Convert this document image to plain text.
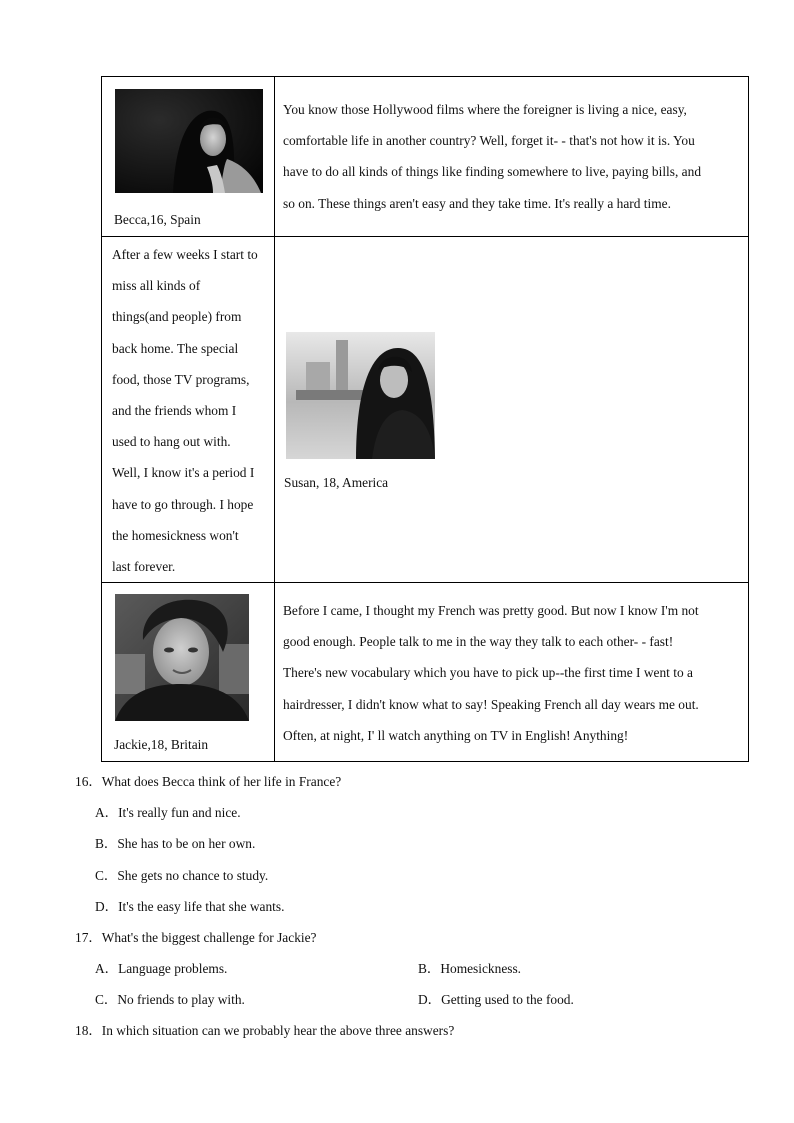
Becca,16, Spain
You know those Hollywood films where the foreigner is living a nice, easy,
comfortable life in another country? Well, forget it- - that's not how it is. You
have to do all kinds of things like finding somewhere to live, paying bills, and
so on. These things aren't easy and they take time. It's really a hard time.
After a few weeks I start to
miss all kinds of
things(and people) from
back home. The special
food, those TV programs,
and the friends whom I
used to hang out with.
Well, I know it's a period I
have to go through. I hope
the homesickness won't
last forever.
Susan, 18, America
Jackie,18, Britain
Before I came, I thought my French was pretty good. But now I know I'm not
good enough. People talk to me in the way they talk to each other- - fast!
There's new vocabulary which you have to pick up--the first time I went to a
hairdresser, I didn't know what to say! Speaking French all day wears me out.
Often, at night, I' ll watch anything on TV in English! Anything!
16．What does Becca think of her life in France?
A．It's really fun and nice.
B．She has to be on her own.
C．She gets no chance to study.
D．It's the easy life that she wants.
17．What's the biggest challenge for Jackie?
A．Language problems.	B．Homesickness.
C．No friends to play with.	D．Getting used to the food.
18．In which situation can we probably hear the above three answers?
